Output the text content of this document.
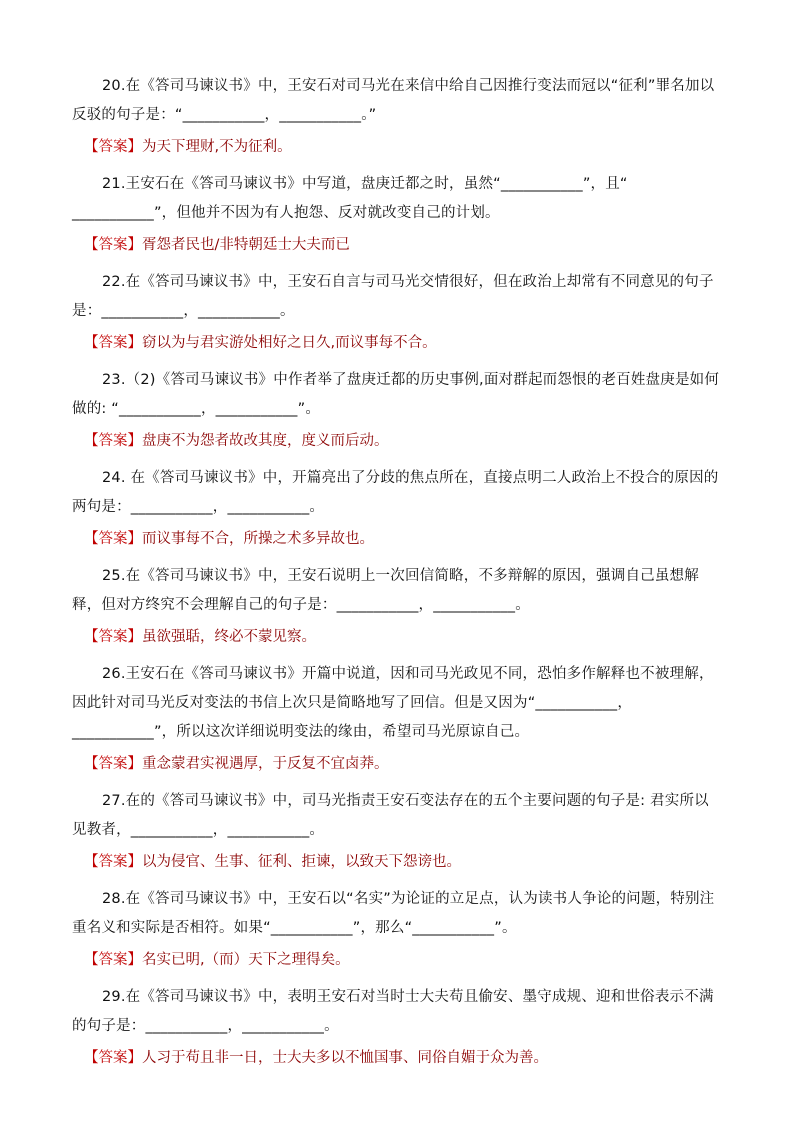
20.在《答司马谏议书》中，王安石对司马光在来信中给自己因推行变法而冠以“征利”罪名加以反驳的句子是：“___________，___________。”

【答案】为天下理财,不为征利。

21.王安石在《答司马谏议书》中写道，盘庚迁都之时，虽然“___________”，且“ ___________”，但他并不因为有人抱怨、反对就改变自己的计划。

【答案】胥怨者民也/非特朝廷士大夫而已

22.在《答司马谏议书》中，王安石自言与司马光交情很好，但在政治上却常有不同意见的句子是：___________，___________。

【答案】窃以为与君实游处相好之日久,而议事每不合。

23.（2)《答司马谏议书》中作者举了盘庚迁都的历史事例,面对群起而怨恨的老百姓盘庚是如何做的: “___________，___________”。

【答案】盘庚不为怨者故改其度，度义而后动。

24. 在《答司马谏议书》中，开篇亮出了分歧的焦点所在，直接点明二人政治上不投合的原因的两句是：___________，___________。

【答案】而议事每不合，所操之术多异故也。

25.在《答司马谏议书》中，王安石说明上一次回信简略，不多辩解的原因，强调自己虽想解释，但对方终究不会理解自己的句子是：___________，___________。

【答案】虽欲强聒，终必不蒙见察。

26.王安石在《答司马谏议书》开篇中说道，因和司马光政见不同，恐怕多作解释也不被理解，因此针对司马光反对变法的书信上次只是简略地写了回信。但是又因为“___________，___________”，所以这次详细说明变法的缘由，希望司马光原谅自己。

【答案】重念蒙君实视遇厚，于反复不宜卤莽。

27.在的《答司马谏议书》中，司马光指责王安石变法存在的五个主要问题的句子是: 君实所以见教者，___________，___________。

【答案】以为侵官、生事、征利、拒谏，以致天下怨谤也。

28.在《答司马谏议书》中，王安石以“名实”为论证的立足点，认为读书人争论的问题，特别注重名义和实际是否相符。如果“___________”，那么“___________”。

【答案】名实已明,（而）天下之理得矣。

29.在《答司马谏议书》中，表明王安石对当时士大夫苟且偷安、墨守成规、迎和世俗表示不满的句子是：___________，___________。

【答案】人习于苟且非一日，士大夫多以不恤国事、同俗自媚于众为善。
